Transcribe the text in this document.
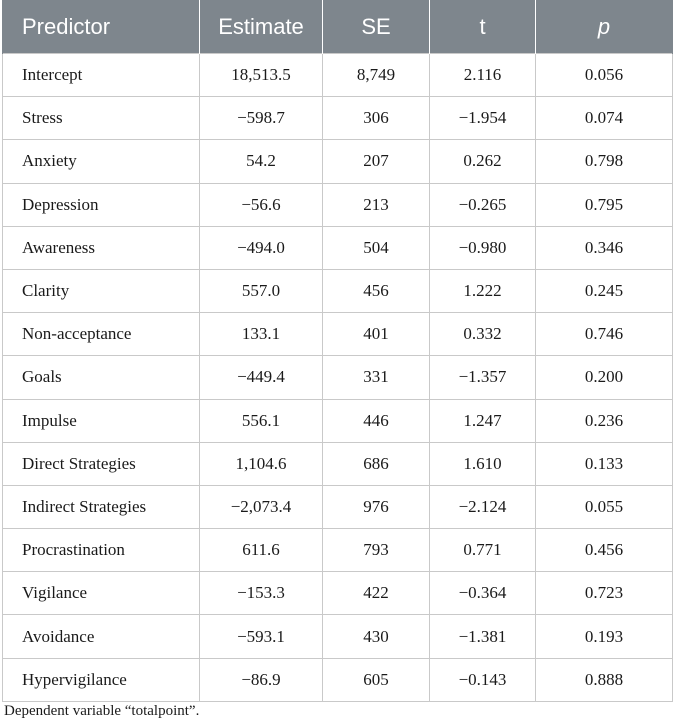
Predictor	Estimate	SE	t	p
Intercept	18,513.5	8,749	2.116	0.056
Stress	−598.7	306	−1.954	0.074
Anxiety	54.2	207	0.262	0.798
Depression	−56.6	213	−0.265	0.795
Awareness	−494.0	504	−0.980	0.346
Clarity	557.0	456	1.222	0.245
Non-acceptance	133.1	401	0.332	0.746
Goals	−449.4	331	−1.357	0.200
Impulse	556.1	446	1.247	0.236
Direct Strategies	1,104.6	686	1.610	0.133
Indirect Strategies	−2,073.4	976	−2.124	0.055
Procrastination	611.6	793	0.771	0.456
Vigilance	−153.3	422	−0.364	0.723
Avoidance	−593.1	430	−1.381	0.193
Hypervigilance	−86.9	605	−0.143	0.888
Dependent variable “totalpoint”.
